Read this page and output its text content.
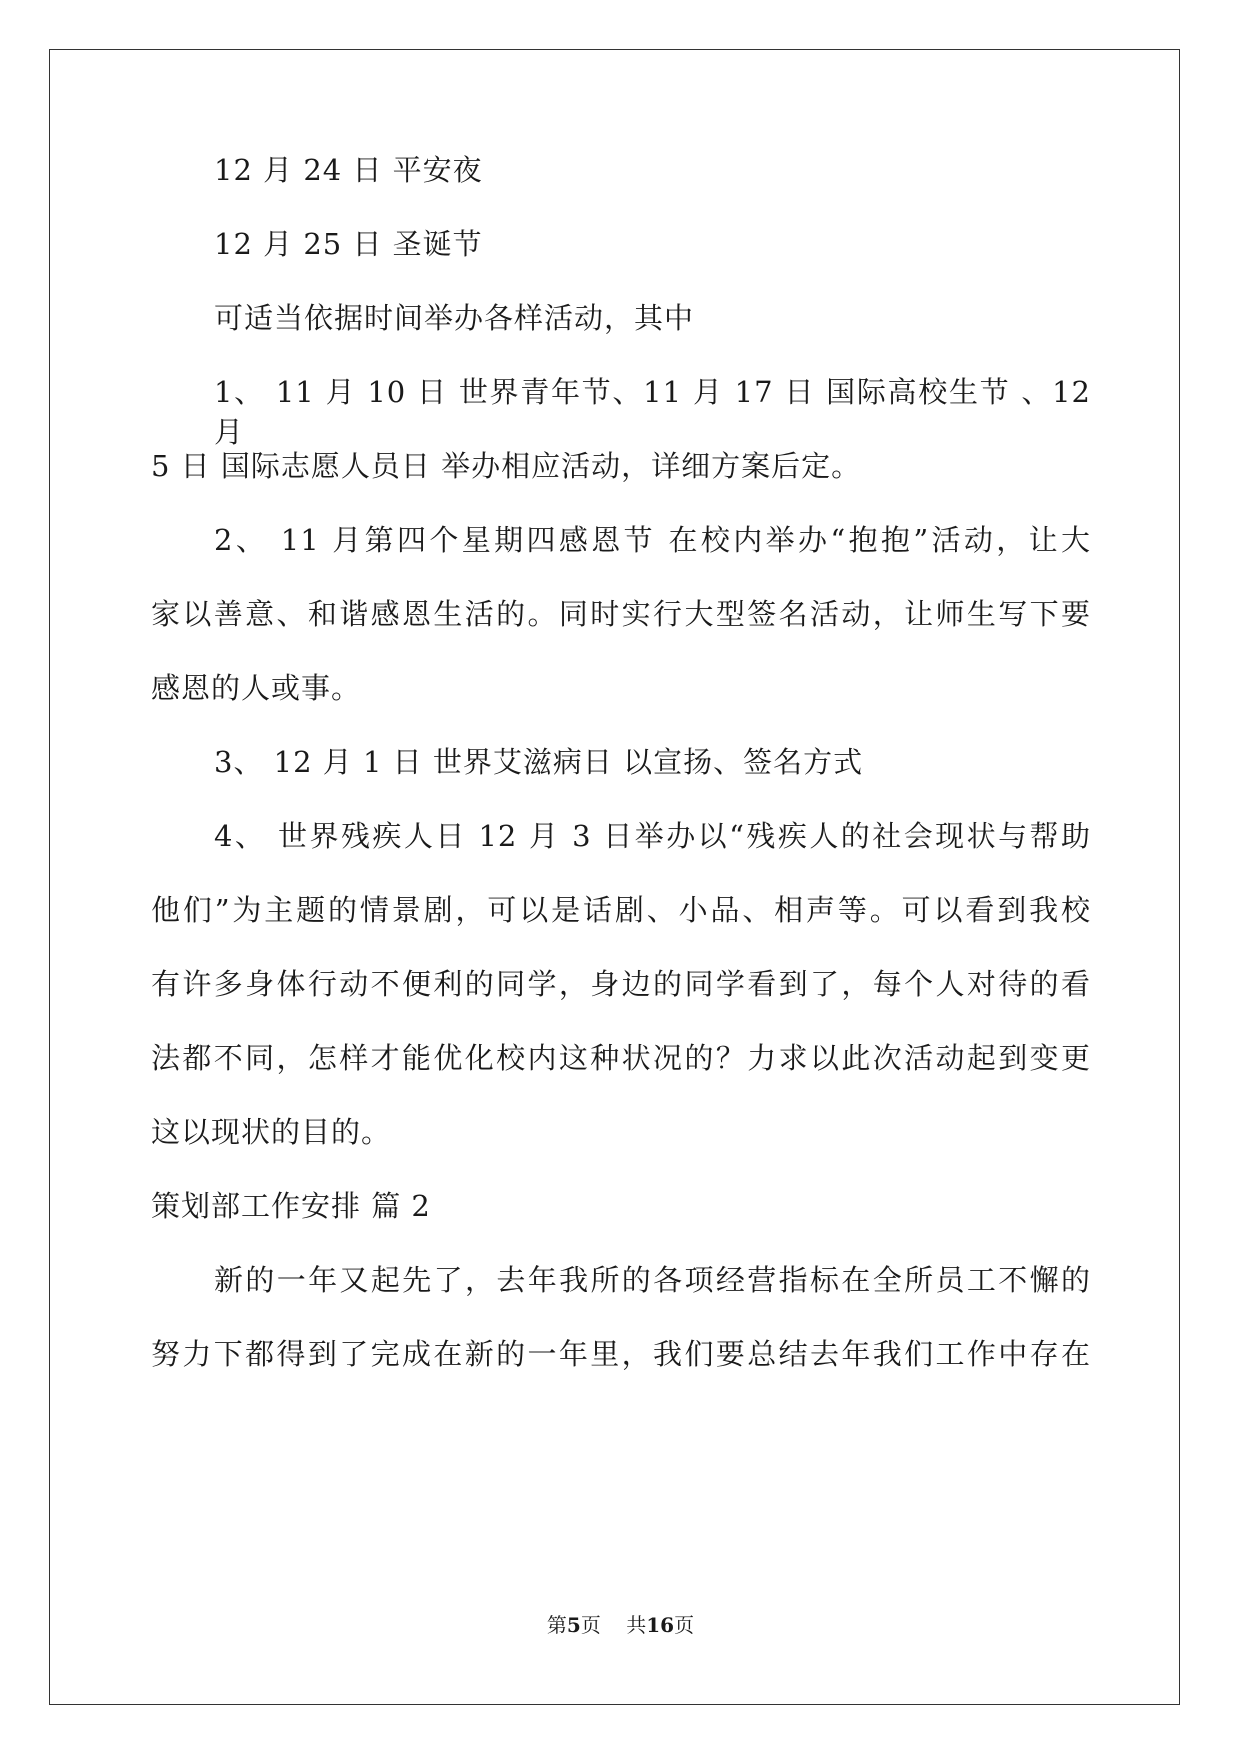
12 月 24 日 平安夜
12 月 25 日 圣诞节
可适当依据时间举办各样活动，其中
1、 11 月 10 日 世界青年节、11 月 17 日 国际高校生节 、12 月
5 日 国际志愿人员日 举办相应活动，详细方案后定。
2、 11 月第四个星期四感恩节 在校内举办“抱抱”活动，让大
家以善意、和谐感恩生活的。同时实行大型签名活动，让师生写下要
感恩的人或事。
3、 12 月 1 日 世界艾滋病日 以宣扬、签名方式
4、 世界残疾人日 12 月 3 日举办以“残疾人的社会现状与帮助
他们”为主题的情景剧，可以是话剧、小品、相声等。可以看到我校
有许多身体行动不便利的同学，身边的同学看到了，每个人对待的看
法都不同，怎样才能优化校内这种状况的？力求以此次活动起到变更
这以现状的目的。
策划部工作安排 篇 2
新的一年又起先了，去年我所的各项经营指标在全所员工不懈的
努力下都得到了完成在新的一年里，我们要总结去年我们工作中存在
第5页    共16页
